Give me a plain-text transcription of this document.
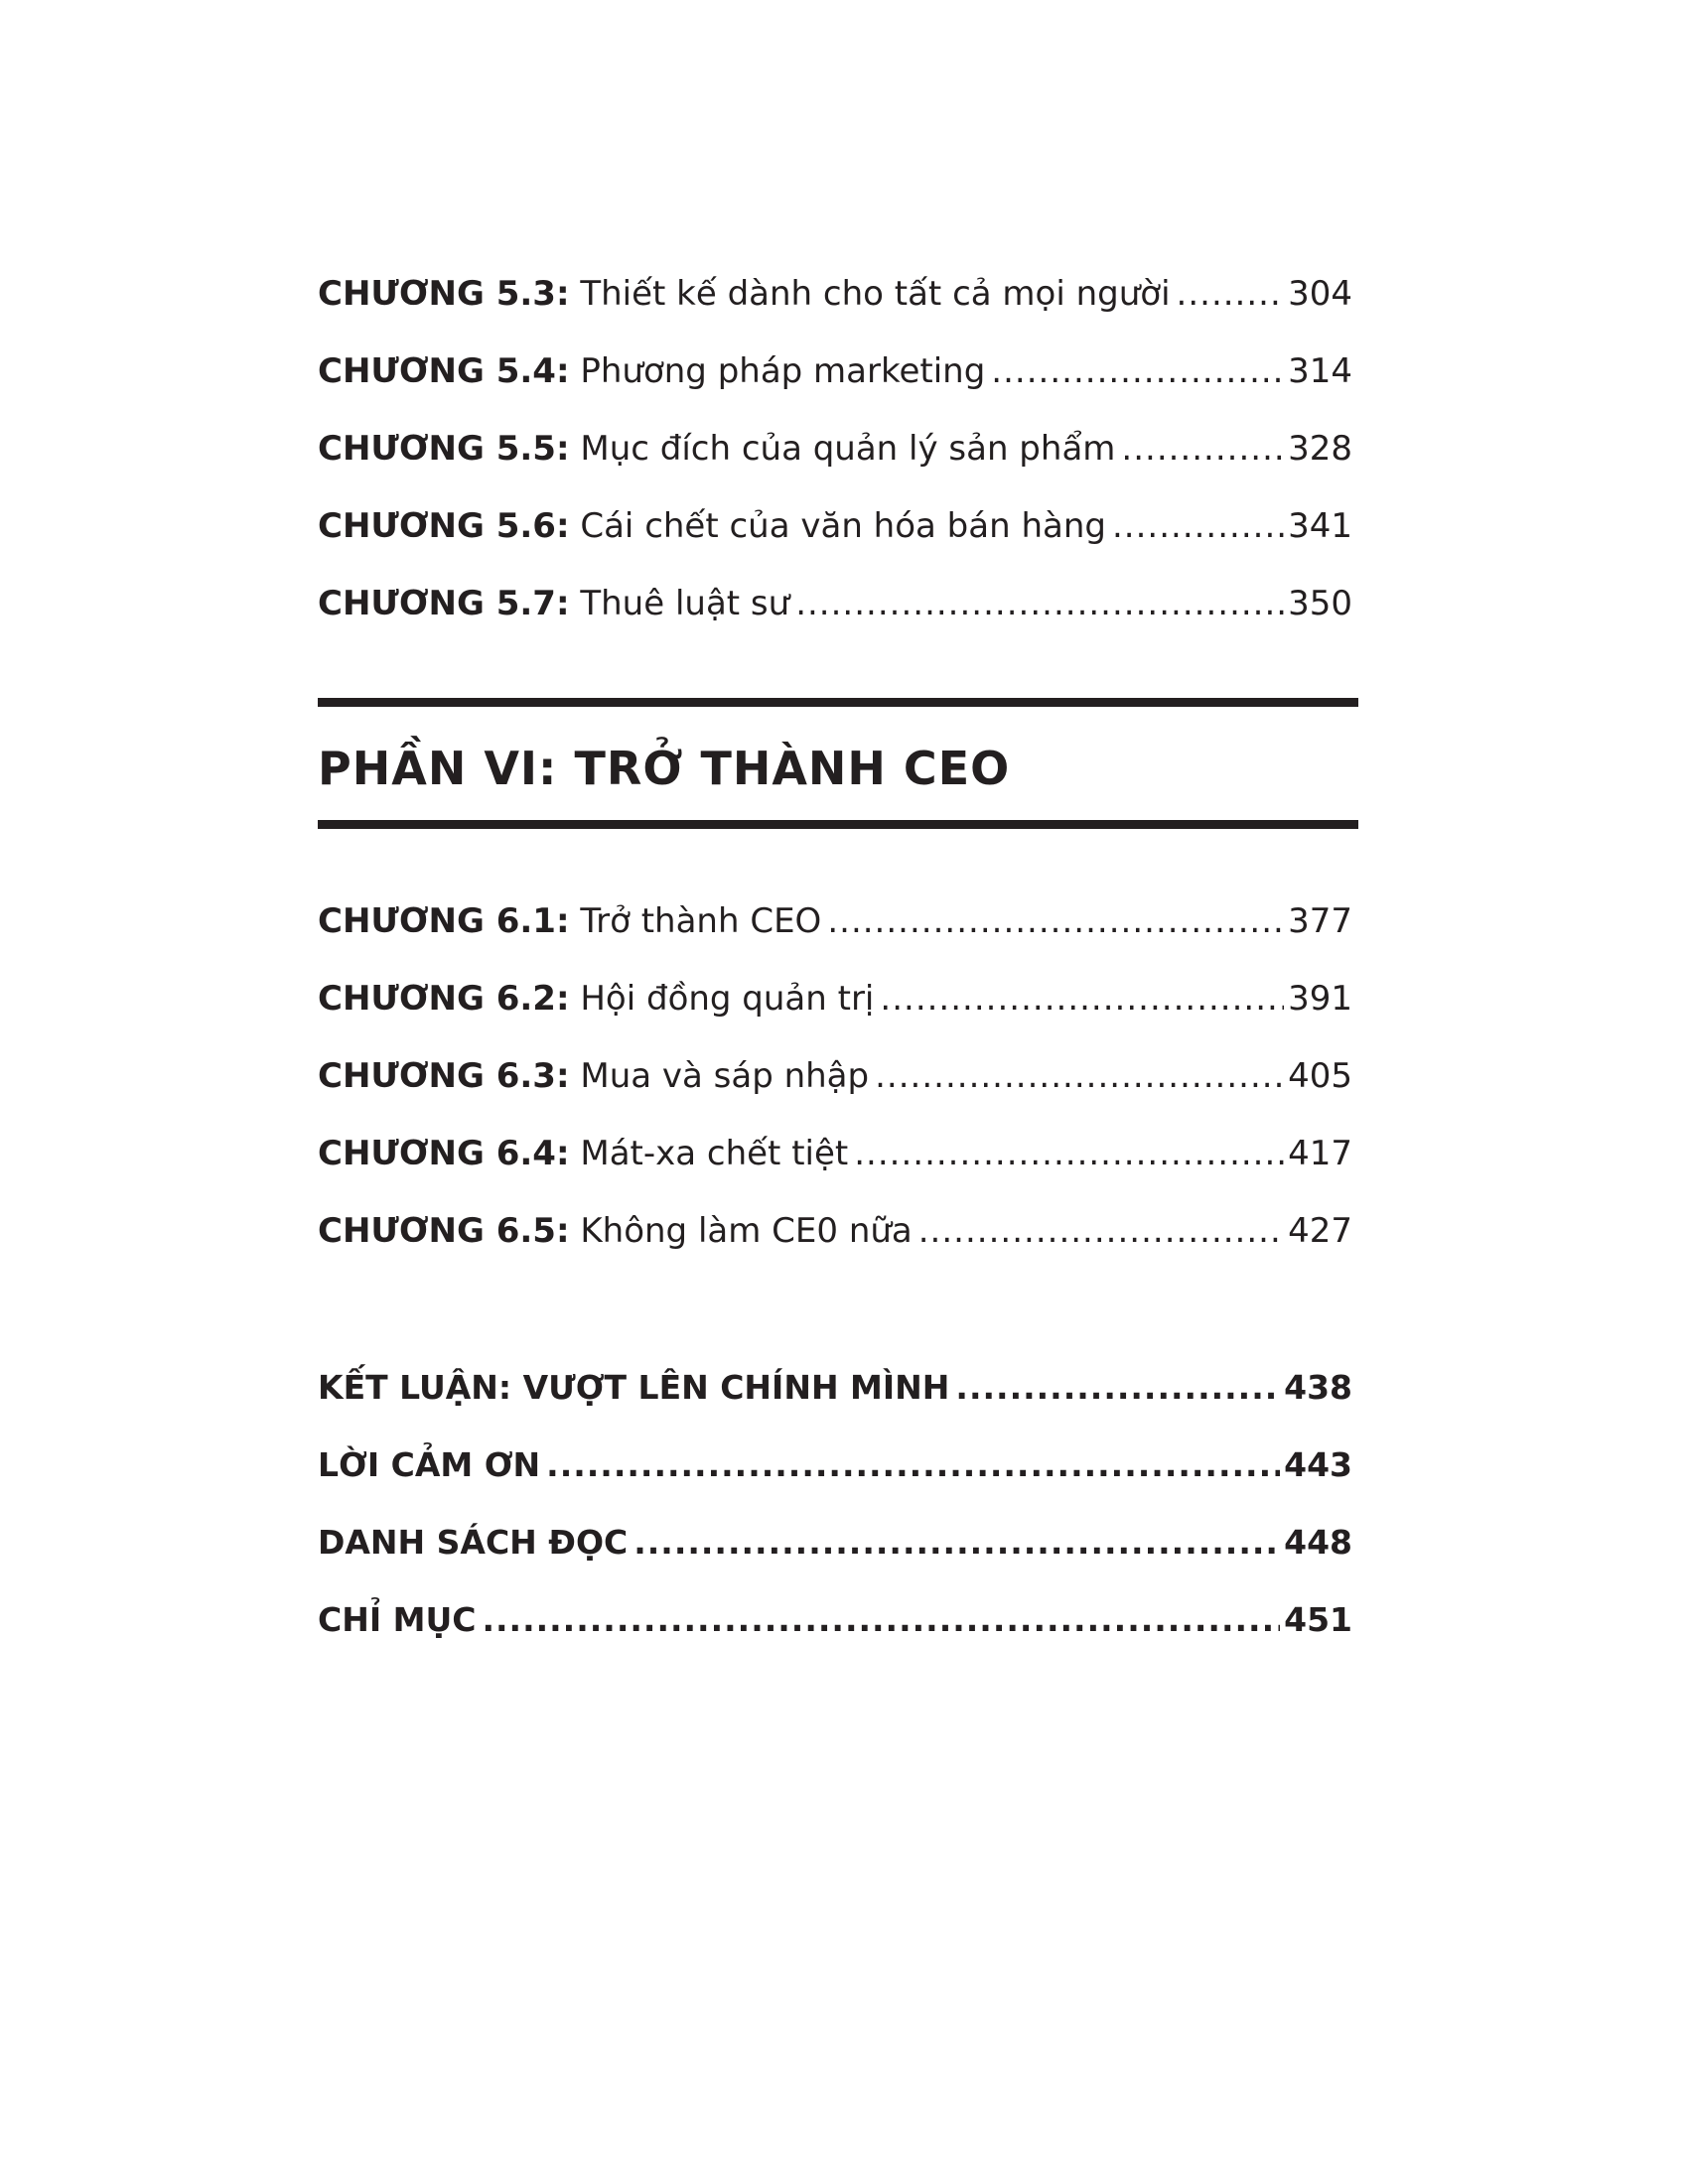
CHƯƠNG 5.3: Thiết kế dành cho tất cả mọi người .....	304
CHƯƠNG 5.4: Phương pháp marketing .....	314
CHƯƠNG 5.5: Mục đích của quản lý sản phẩm .....	328
CHƯƠNG 5.6: Cái chết của văn hóa bán hàng .....	341
CHƯƠNG 5.7: Thuê luật sư .....	350
PHẦN VI: TRỞ THÀNH CEO
CHƯƠNG 6.1: Trở thành CEO .....	377
CHƯƠNG 6.2: Hội đồng quản trị .....	391
CHƯƠNG 6.3: Mua và sáp nhập .....	405
CHƯƠNG 6.4: Mát-xa chết tiệt .....	417
CHƯƠNG 6.5: Không làm CE0 nữa .....	427
KẾT LUẬN: VƯỢT LÊN CHÍNH MÌNH .....	438
LỜI CẢM ƠN .....	443
DANH SÁCH ĐỌC .....	448
CHỈ MỤC .....	451
